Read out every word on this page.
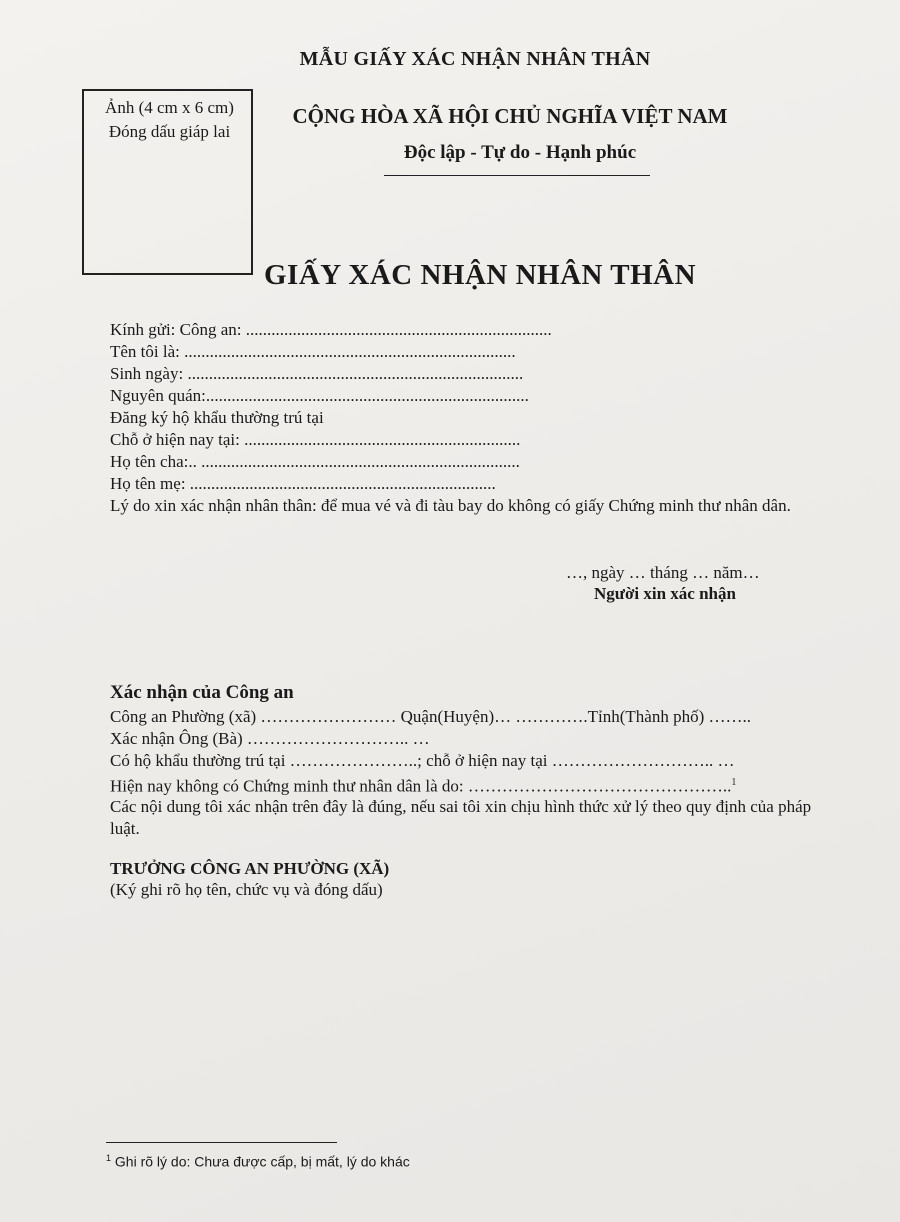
MẪU GIẤY XÁC NHẬN NHÂN THÂN
Ảnh (4 cm x 6 cm)
Đóng dấu giáp lai
CỘNG HÒA XÃ HỘI CHỦ NGHĨA VIỆT NAM
Độc lập - Tự do - Hạnh phúc
GIẤY XÁC NHẬN NHÂN THÂN
Kính gửi: Công an: ........................................................................
Tên tôi là: ..............................................................................
Sinh ngày: ...............................................................................
Nguyên quán:............................................................................
Đăng ký hộ khẩu thường trú tại
Chỗ ở hiện nay tại: .................................................................
Họ tên cha:.. ...........................................................................
Họ tên mẹ: ........................................................................
Lý do xin xác nhận nhân thân: để mua vé và đi tàu bay do không có giấy Chứng minh thư nhân dân.
…, ngày … tháng … năm…
Người xin xác nhận
Xác nhận của Công an
Công an Phường (xã) …………………… Quận(Huyện)… ………….Tỉnh(Thành phố) ……..
Xác nhận Ông (Bà) ……………………….. …
Có hộ khẩu thường trú tại …………………..; chỗ ở hiện nay tại ……………………….. …
Hiện nay không có Chứng minh thư nhân dân là do: ………………………………………..$^1$
Các nội dung tôi xác nhận trên đây là đúng, nếu sai tôi xin chịu hình thức xử lý theo quy định của pháp luật.
TRƯỞNG CÔNG AN PHƯỜNG (XÃ)
(Ký ghi rõ họ tên, chức vụ và đóng dấu)
$^1$ Ghi rõ lý do: Chưa được cấp, bị mất, lý do khác
